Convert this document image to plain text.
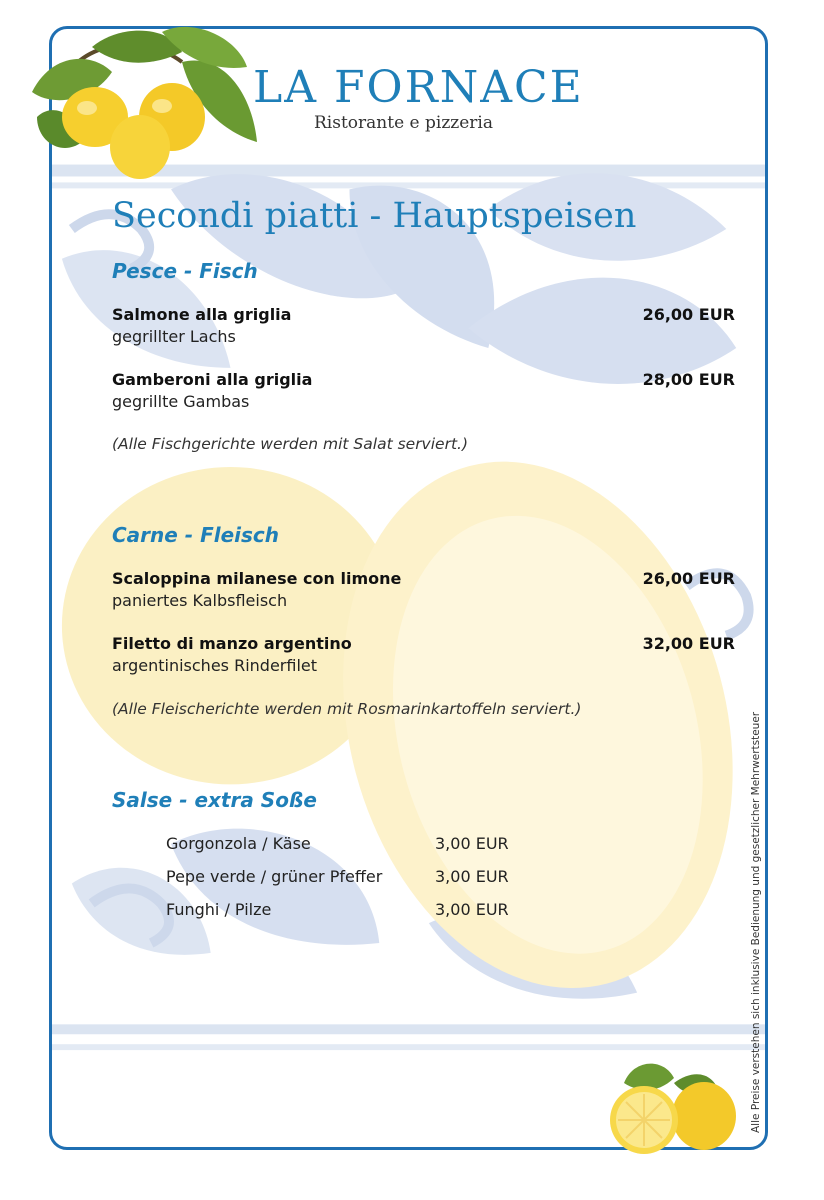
LA FORNACE
Ristorante e pizzeria
Secondi piatti - Hauptspeisen
Pesce - Fisch
Salmone alla griglia	26,00 EUR
gegrillter Lachs
Gamberoni alla griglia	28,00 EUR
gegrillte Gambas
(Alle Fischgerichte werden mit Salat serviert.)
Carne - Fleisch
Scaloppina milanese con limone	26,00 EUR
paniertes Kalbsfleisch
Filetto di manzo argentino	32,00 EUR
argentinisches Rinderfilet
(Alle Fleischerichte werden mit Rosmarinkartoffeln serviert.)
Salse - extra Soße
Gorgonzola / Käse	3,00 EUR
Pepe verde / grüner Pfeffer	3,00 EUR
Funghi / Pilze	3,00 EUR	Alle Preise verstehen sich inklusive Bedienung und gesetzlicher Mehrwertsteuer
